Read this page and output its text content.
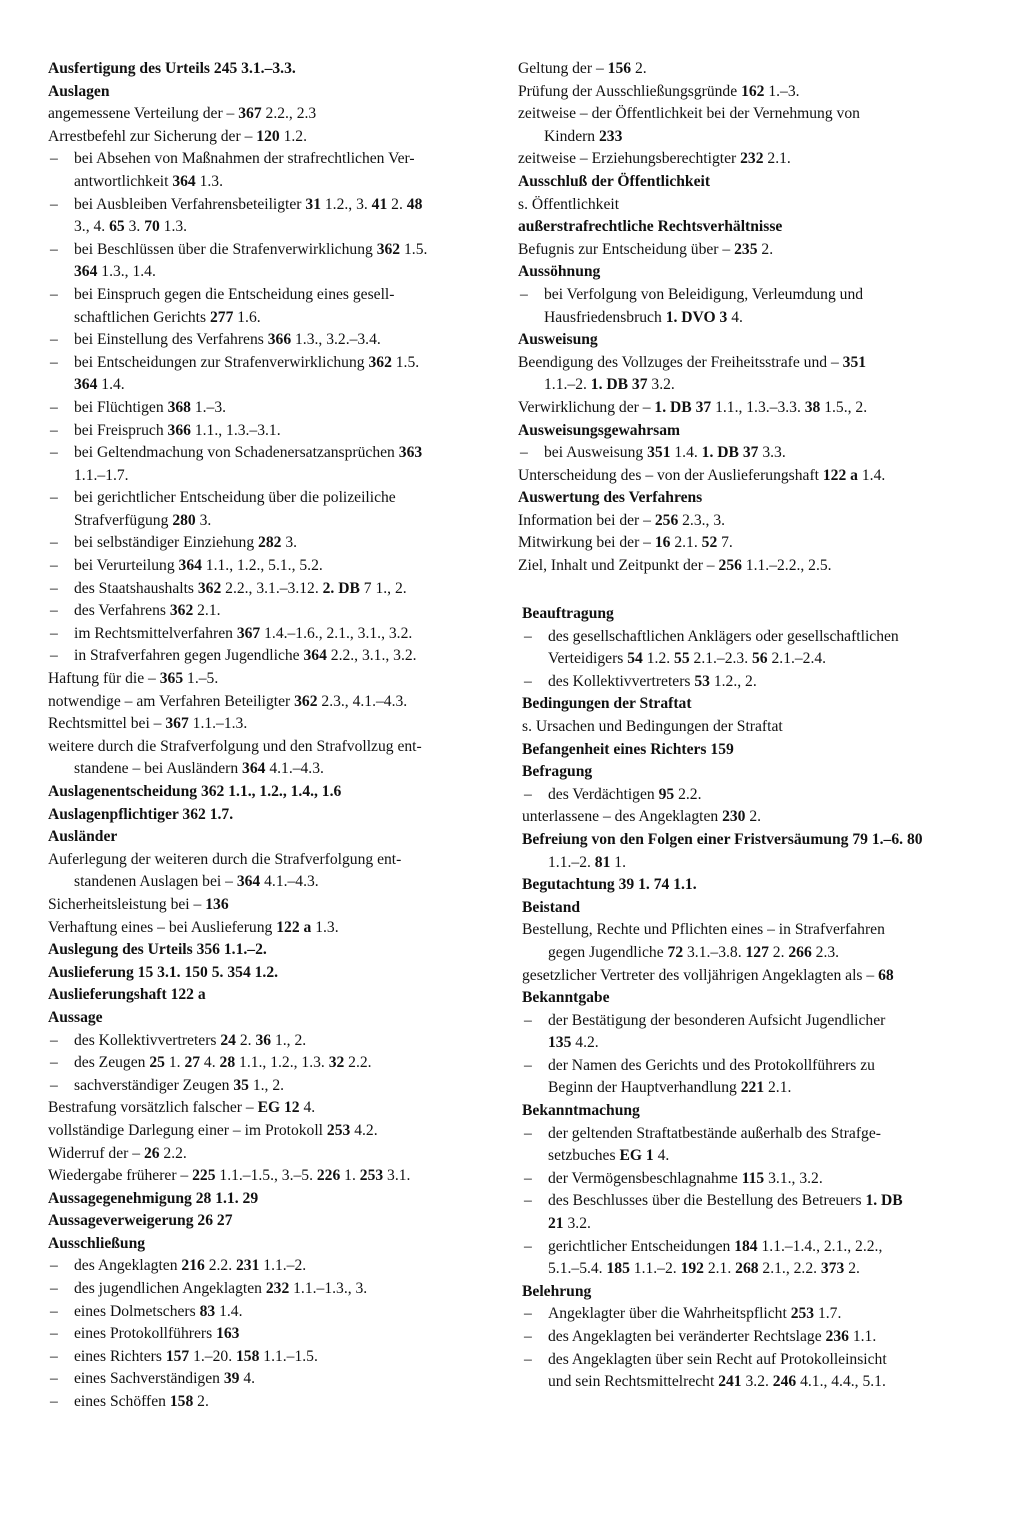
Ausfertigung des Urteils 245 3.1.–3.3.
Auslagen
angemessene Verteilung der – 367 2.2., 2.3
Arrestbefehl zur Sicherung der – 120 1.2.
– bei Absehen von Maßnahmen der strafrechtlichen Ver-
antwortlichkeit 364 1.3.
– bei Ausbleiben Verfahrensbeteiligter 31 1.2., 3. 41 2. 48
3., 4. 65 3. 70 1.3.
– bei Beschlüssen über die Strafenverwirklichung 362 1.5.
364 1.3., 1.4.
– bei Einspruch gegen die Entscheidung eines gesell-
schaftlichen Gerichts 277 1.6.
– bei Einstellung des Verfahrens 366 1.3., 3.2.–3.4.
– bei Entscheidungen zur Strafenverwirklichung 362 1.5.
364 1.4.
– bei Flüchtigen 368 1.–3.
– bei Freispruch 366 1.1., 1.3.–3.1.
– bei Geltendmachung von Schadenersatzansprüchen 363
1.1.–1.7.
– bei gerichtlicher Entscheidung über die polizeiliche
Strafverfügung 280 3.
– bei selbständiger Einziehung 282 3.
– bei Verurteilung 364 1.1., 1.2., 5.1., 5.2.
– des Staatshaushalts 362 2.2., 3.1.–3.12. 2. DB 7 1., 2.
– des Verfahrens 362 2.1.
– im Rechtsmittelverfahren 367 1.4.–1.6., 2.1., 3.1., 3.2.
– in Strafverfahren gegen Jugendliche 364 2.2., 3.1., 3.2.
Haftung für die – 365 1.–5.
notwendige – am Verfahren Beteiligter 362 2.3., 4.1.–4.3.
Rechtsmittel bei – 367 1.1.–1.3.
weitere durch die Strafverfolgung und den Strafvollzug ent-
standene – bei Ausländern 364 4.1.–4.3.
Auslagenentscheidung 362 1.1., 1.2., 1.4., 1.6
Auslagenpflichtiger 362 1.7.
Ausländer
Auferlegung der weiteren durch die Strafverfolgung ent-
standenen Auslagen bei – 364 4.1.–4.3.
Sicherheitsleistung bei – 136
Verhaftung eines – bei Auslieferung 122 a 1.3.
Auslegung des Urteils 356 1.1.–2.
Auslieferung 15 3.1. 150 5. 354 1.2.
Auslieferungshaft 122 a
Aussage
– des Kollektivvertreters 24 2. 36 1., 2.
– des Zeugen 25 1. 27 4. 28 1.1., 1.2., 1.3. 32 2.2.
– sachverständiger Zeugen 35 1., 2.
Bestrafung vorsätzlich falscher – EG 12 4.
vollständige Darlegung einer – im Protokoll 253 4.2.
Widerruf der – 26 2.2.
Wiedergabe früherer – 225 1.1.–1.5., 3.–5. 226 1. 253 3.1.
Aussagegenehmigung 28 1.1. 29
Aussageverweigerung 26 27
Ausschließung
– des Angeklagten 216 2.2. 231 1.1.–2.
– des jugendlichen Angeklagten 232 1.1.–1.3., 3.
– eines Dolmetschers 83 1.4.
– eines Protokollführers 163
– eines Richters 157 1.–20. 158 1.1.–1.5.
– eines Sachverständigen 39 4.
– eines Schöffen 158 2.
Geltung der – 156 2.
Prüfung der Ausschließungsgründe 162 1.–3.
zeitweise – der Öffentlichkeit bei der Vernehmung von
Kindern 233
zeitweise – Erziehungsberechtigter 232 2.1.
Ausschluß der Öffentlichkeit
s. Öffentlichkeit
außerstrafrechtliche Rechtsverhältnisse
Befugnis zur Entscheidung über – 235 2.
Aussöhnung
– bei Verfolgung von Beleidigung, Verleumdung und
Hausfriedensbruch 1. DVO 3 4.
Ausweisung
Beendigung des Vollzuges der Freiheitsstrafe und – 351
1.1.–2. 1. DB 37 3.2.
Verwirklichung der – 1. DB 37 1.1., 1.3.–3.3. 38 1.5., 2.
Ausweisungsgewahrsam
– bei Ausweisung 351 1.4. 1. DB 37 3.3.
Unterscheidung des – von der Auslieferungshaft 122 a 1.4.
Auswertung des Verfahrens
Information bei der – 256 2.3., 3.
Mitwirkung bei der – 16 2.1. 52 7.
Ziel, Inhalt und Zeitpunkt der – 256 1.1.–2.2., 2.5.
Beauftragung
– des gesellschaftlichen Anklägers oder gesellschaftlichen
Verteidigers 54 1.2. 55 2.1.–2.3. 56 2.1.–2.4.
– des Kollektivvertreters 53 1.2., 2.
Bedingungen der Straftat
s. Ursachen und Bedingungen der Straftat
Befangenheit eines Richters 159
Befragung
– des Verdächtigen 95 2.2.
unterlassene – des Angeklagten 230 2.
Befreiung von den Folgen einer Fristversäumung 79 1.–6. 80
1.1.–2. 81 1.
Begutachtung 39 1. 74 1.1.
Beistand
Bestellung, Rechte und Pflichten eines – in Strafverfahren
gegen Jugendliche 72 3.1.–3.8. 127 2. 266 2.3.
gesetzlicher Vertreter des volljährigen Angeklagten als – 68
Bekanntgabe
– der Bestätigung der besonderen Aufsicht Jugendlicher
135 4.2.
– der Namen des Gerichts und des Protokollführers zu
Beginn der Hauptverhandlung 221 2.1.
Bekanntmachung
– der geltenden Straftatbestände außerhalb des Strafge-
setzbuches EG 1 4.
– der Vermögensbeschlagnahme 115 3.1., 3.2.
– des Beschlusses über die Bestellung des Betreuers 1. DB
21 3.2.
– gerichtlicher Entscheidungen 184 1.1.–1.4., 2.1., 2.2.,
5.1.–5.4. 185 1.1.–2. 192 2.1. 268 2.1., 2.2. 373 2.
Belehrung
– Angeklagter über die Wahrheitspflicht 253 1.7.
– des Angeklagten bei veränderter Rechtslage 236 1.1.
– des Angeklagten über sein Recht auf Protokolleinsicht
und sein Rechtsmittelrecht 241 3.2. 246 4.1., 4.4., 5.1.
